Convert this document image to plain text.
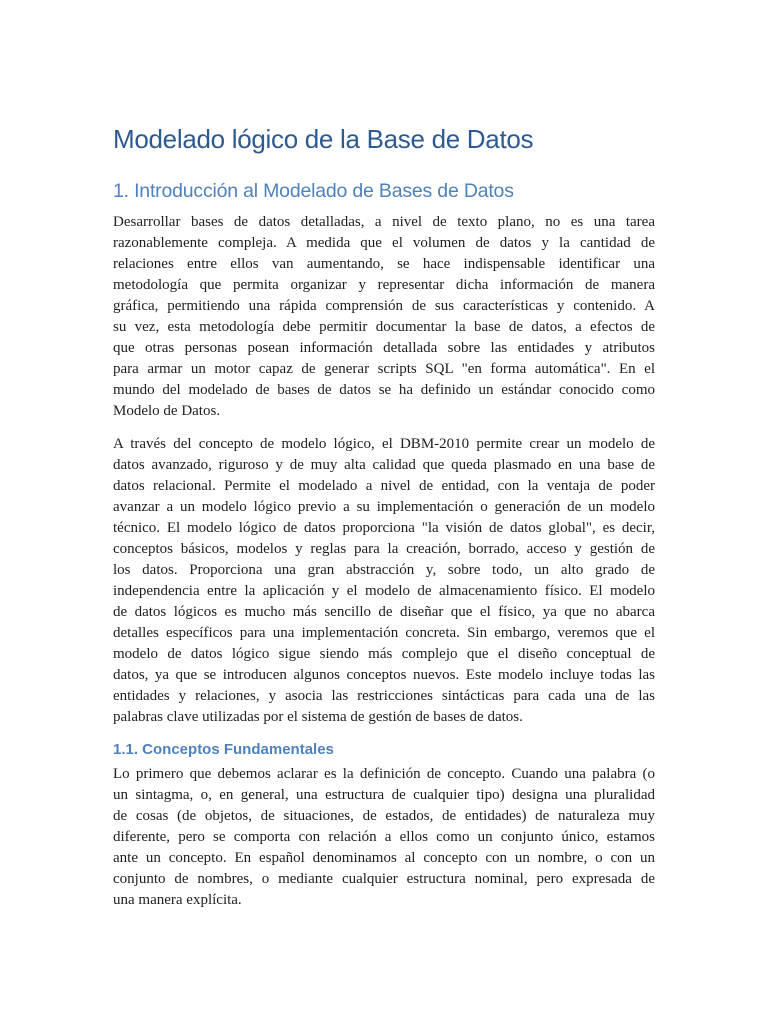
Modelado lógico de la Base de Datos
1. Introducción al Modelado de Bases de Datos
Desarrollar bases de datos detalladas, a nivel de texto plano, no es una tarea
razonablemente compleja. A medida que el volumen de datos y la cantidad de
relaciones entre ellos van aumentando, se hace indispensable identificar una
metodología que permita organizar y representar dicha información de manera
gráfica, permitiendo una rápida comprensión de sus características y contenido. A
su vez, esta metodología debe permitir documentar la base de datos, a efectos de
que otras personas posean información detallada sobre las entidades y atributos
para armar un motor capaz de generar scripts SQL "en forma automática". En el
mundo del modelado de bases de datos se ha definido un estándar conocido como
Modelo de Datos.
A través del concepto de modelo lógico, el DBM-2010 permite crear un modelo de
datos avanzado, riguroso y de muy alta calidad que queda plasmado en una base de
datos relacional. Permite el modelado a nivel de entidad, con la ventaja de poder
avanzar a un modelo lógico previo a su implementación o generación de un modelo
técnico. El modelo lógico de datos proporciona "la visión de datos global", es decir,
conceptos básicos, modelos y reglas para la creación, borrado, acceso y gestión de
los datos. Proporciona una gran abstracción y, sobre todo, un alto grado de
independencia entre la aplicación y el modelo de almacenamiento físico. El modelo
de datos lógicos es mucho más sencillo de diseñar que el físico, ya que no abarca
detalles específicos para una implementación concreta. Sin embargo, veremos que el
modelo de datos lógico sigue siendo más complejo que el diseño conceptual de
datos, ya que se introducen algunos conceptos nuevos. Este modelo incluye todas las
entidades y relaciones, y asocia las restricciones sintácticas para cada una de las
palabras clave utilizadas por el sistema de gestión de bases de datos.
1.1. Conceptos Fundamentales
Lo primero que debemos aclarar es la definición de concepto. Cuando una palabra (o
un sintagma, o, en general, una estructura de cualquier tipo) designa una pluralidad
de cosas (de objetos, de situaciones, de estados, de entidades) de naturaleza muy
diferente, pero se comporta con relación a ellos como un conjunto único, estamos
ante un concepto. En español denominamos al concepto con un nombre, o con un
conjunto de nombres, o mediante cualquier estructura nominal, pero expresada de
una manera explícita.
